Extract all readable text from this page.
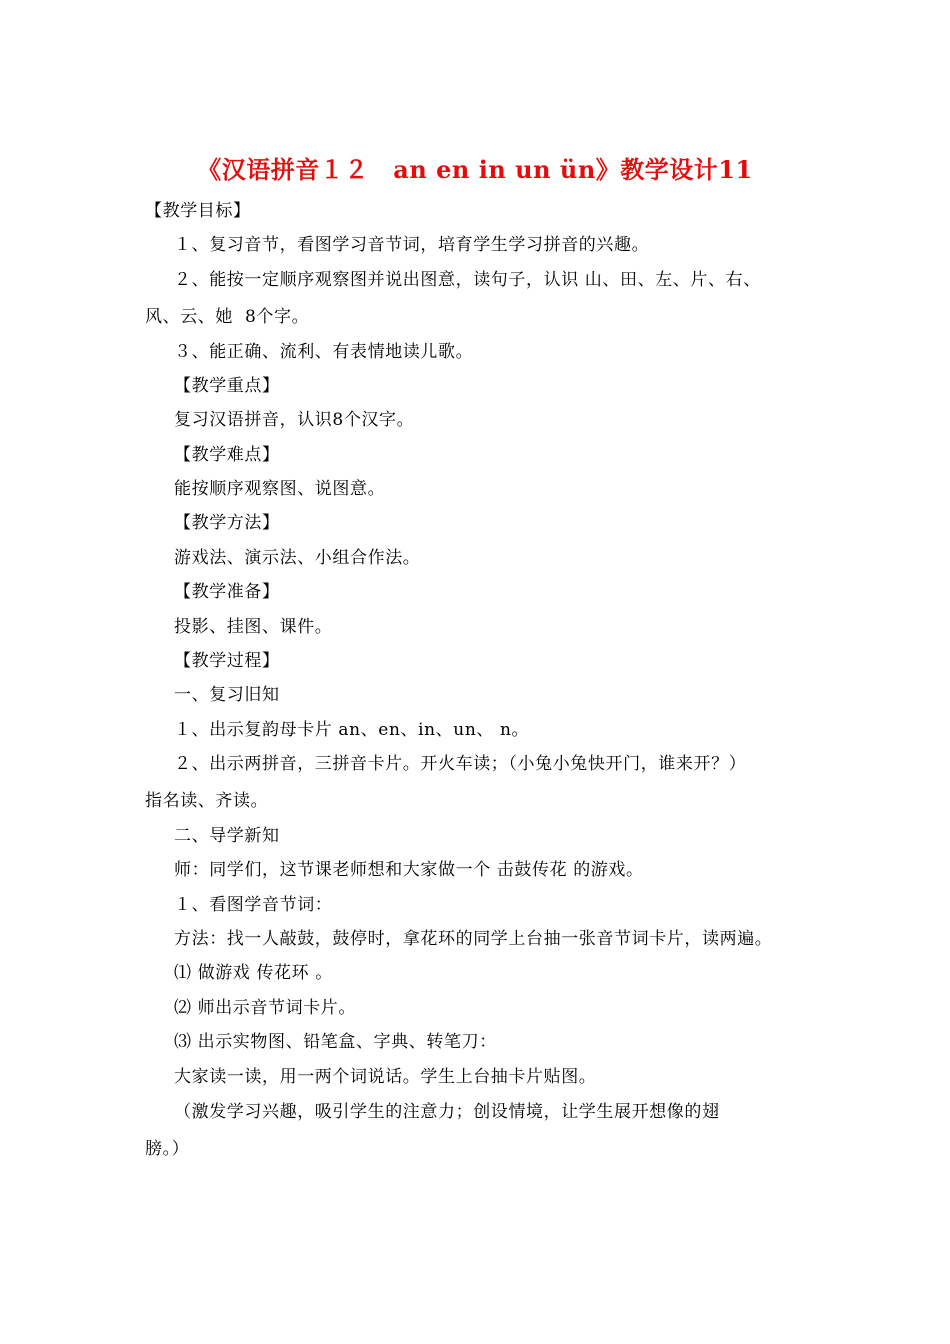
《汉语拼音１２　an en in un ün》教学设计11
【教学目标】
１、复习音节，看图学习音节词，培育学生学习拼音的兴趣。
２、能按一定顺序观察图并说出图意，读句子，认识 山、田、左、片、右、
风、云、她  8个字。
３、能正确、流利、有表情地读儿歌。
【教学重点】
复习汉语拼音，认识8个汉字。
【教学难点】
能按顺序观察图、说图意。
【教学方法】
游戏法、演示法、小组合作法。
【教学准备】
投影、挂图、课件。
【教学过程】
一、复习旧知
１、出示复韵母卡片 an、en、in、un、 n。
２、出示两拼音，三拼音卡片。开火车读；（小兔小兔快开门，谁来开？）
指名读、齐读。
二、导学新知
师：同学们，这节课老师想和大家做一个 击鼓传花 的游戏。
１、看图学音节词：
方法：找一人敲鼓，鼓停时，拿花环的同学上台抽一张音节词卡片，读两遍。
⑴ 做游戏 传花环 。
⑵ 师出示音节词卡片。
⑶ 出示实物图、铅笔盒、字典、转笔刀：
大家读一读，用一两个词说话。学生上台抽卡片贴图。
（激发学习兴趣，吸引学生的注意力；创设情境，让学生展开想像的翅
膀。）
